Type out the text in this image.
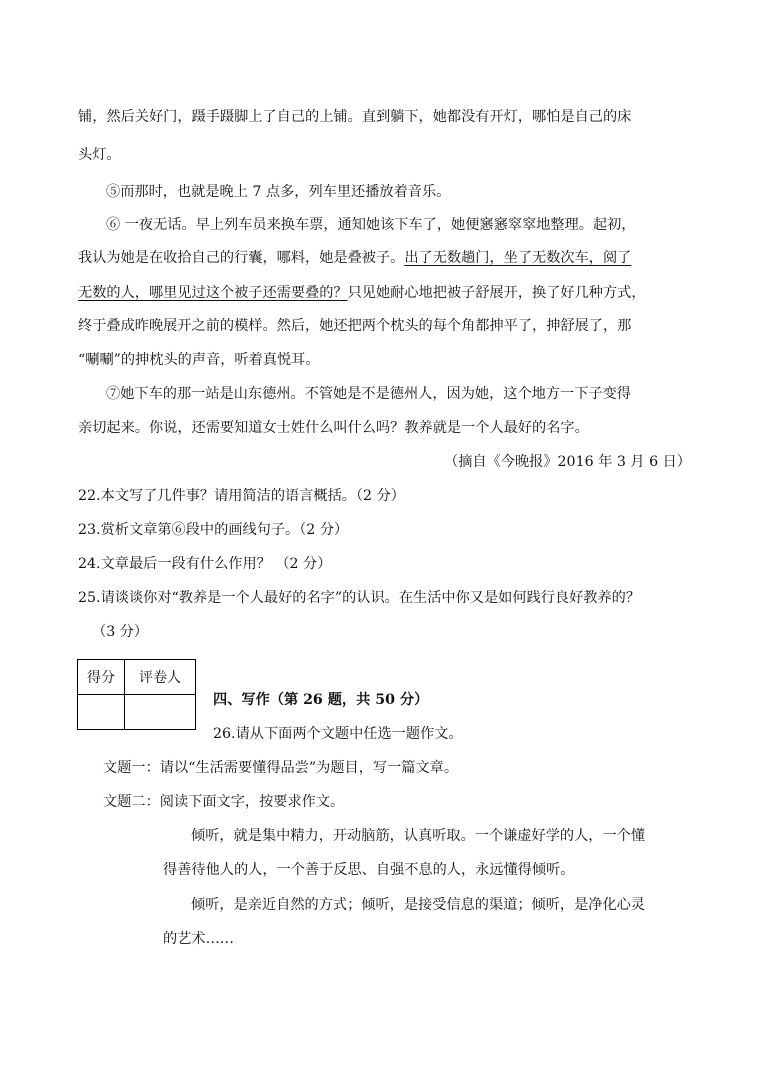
铺，然后关好门，蹑手蹑脚上了自己的上铺。直到躺下，她都没有开灯，哪怕是自己的床
头灯。
⑤而那时，也就是晚上 7 点多，列车里还播放着音乐。
⑥ 一夜无话。早上列车员来换车票，通知她该下车了，她便窸窸窣窣地整理。起初，
我认为她是在收拾自己的行囊，哪料，她是叠被子。出了无数趟门，坐了无数次车，阅了
无数的人，哪里见过这个被子还需要叠的？只见她耐心地把被子舒展开，换了好几种方式，
终于叠成昨晚展开之前的模样。然后，她还把两个枕头的每个角都抻平了，抻舒展了，那
“唰唰”的抻枕头的声音，听着真悦耳。
⑦她下车的那一站是山东德州。不管她是不是德州人，因为她，这个地方一下子变得
亲切起来。你说，还需要知道女士姓什么叫什么吗？教养就是一个人最好的名字。
（摘自《今晚报》2016 年 3 月 6 日）
22.本文写了几件事？请用简洁的语言概括。（2 分）
23.赏析文章第⑥段中的画线句子。（2 分）
24.文章最后一段有什么作用？ （2 分）
25.请谈谈你对“教养是一个人最好的名字”的认识。在生活中你又是如何践行良好教养的？
（3 分）
得分	评卷人

四、写作（第 26 题，共 50 分）
26.请从下面两个文题中任选一题作文。
文题一：请以“生活需要懂得品尝”为题目，写一篇文章。
文题二：阅读下面文字，按要求作文。
倾听，就是集中精力，开动脑筋，认真听取。一个谦虚好学的人，一个懂
得善待他人的人，一个善于反思、自强不息的人，永远懂得倾听。
倾听，是亲近自然的方式；倾听，是接受信息的渠道；倾听，是净化心灵
的艺术……
